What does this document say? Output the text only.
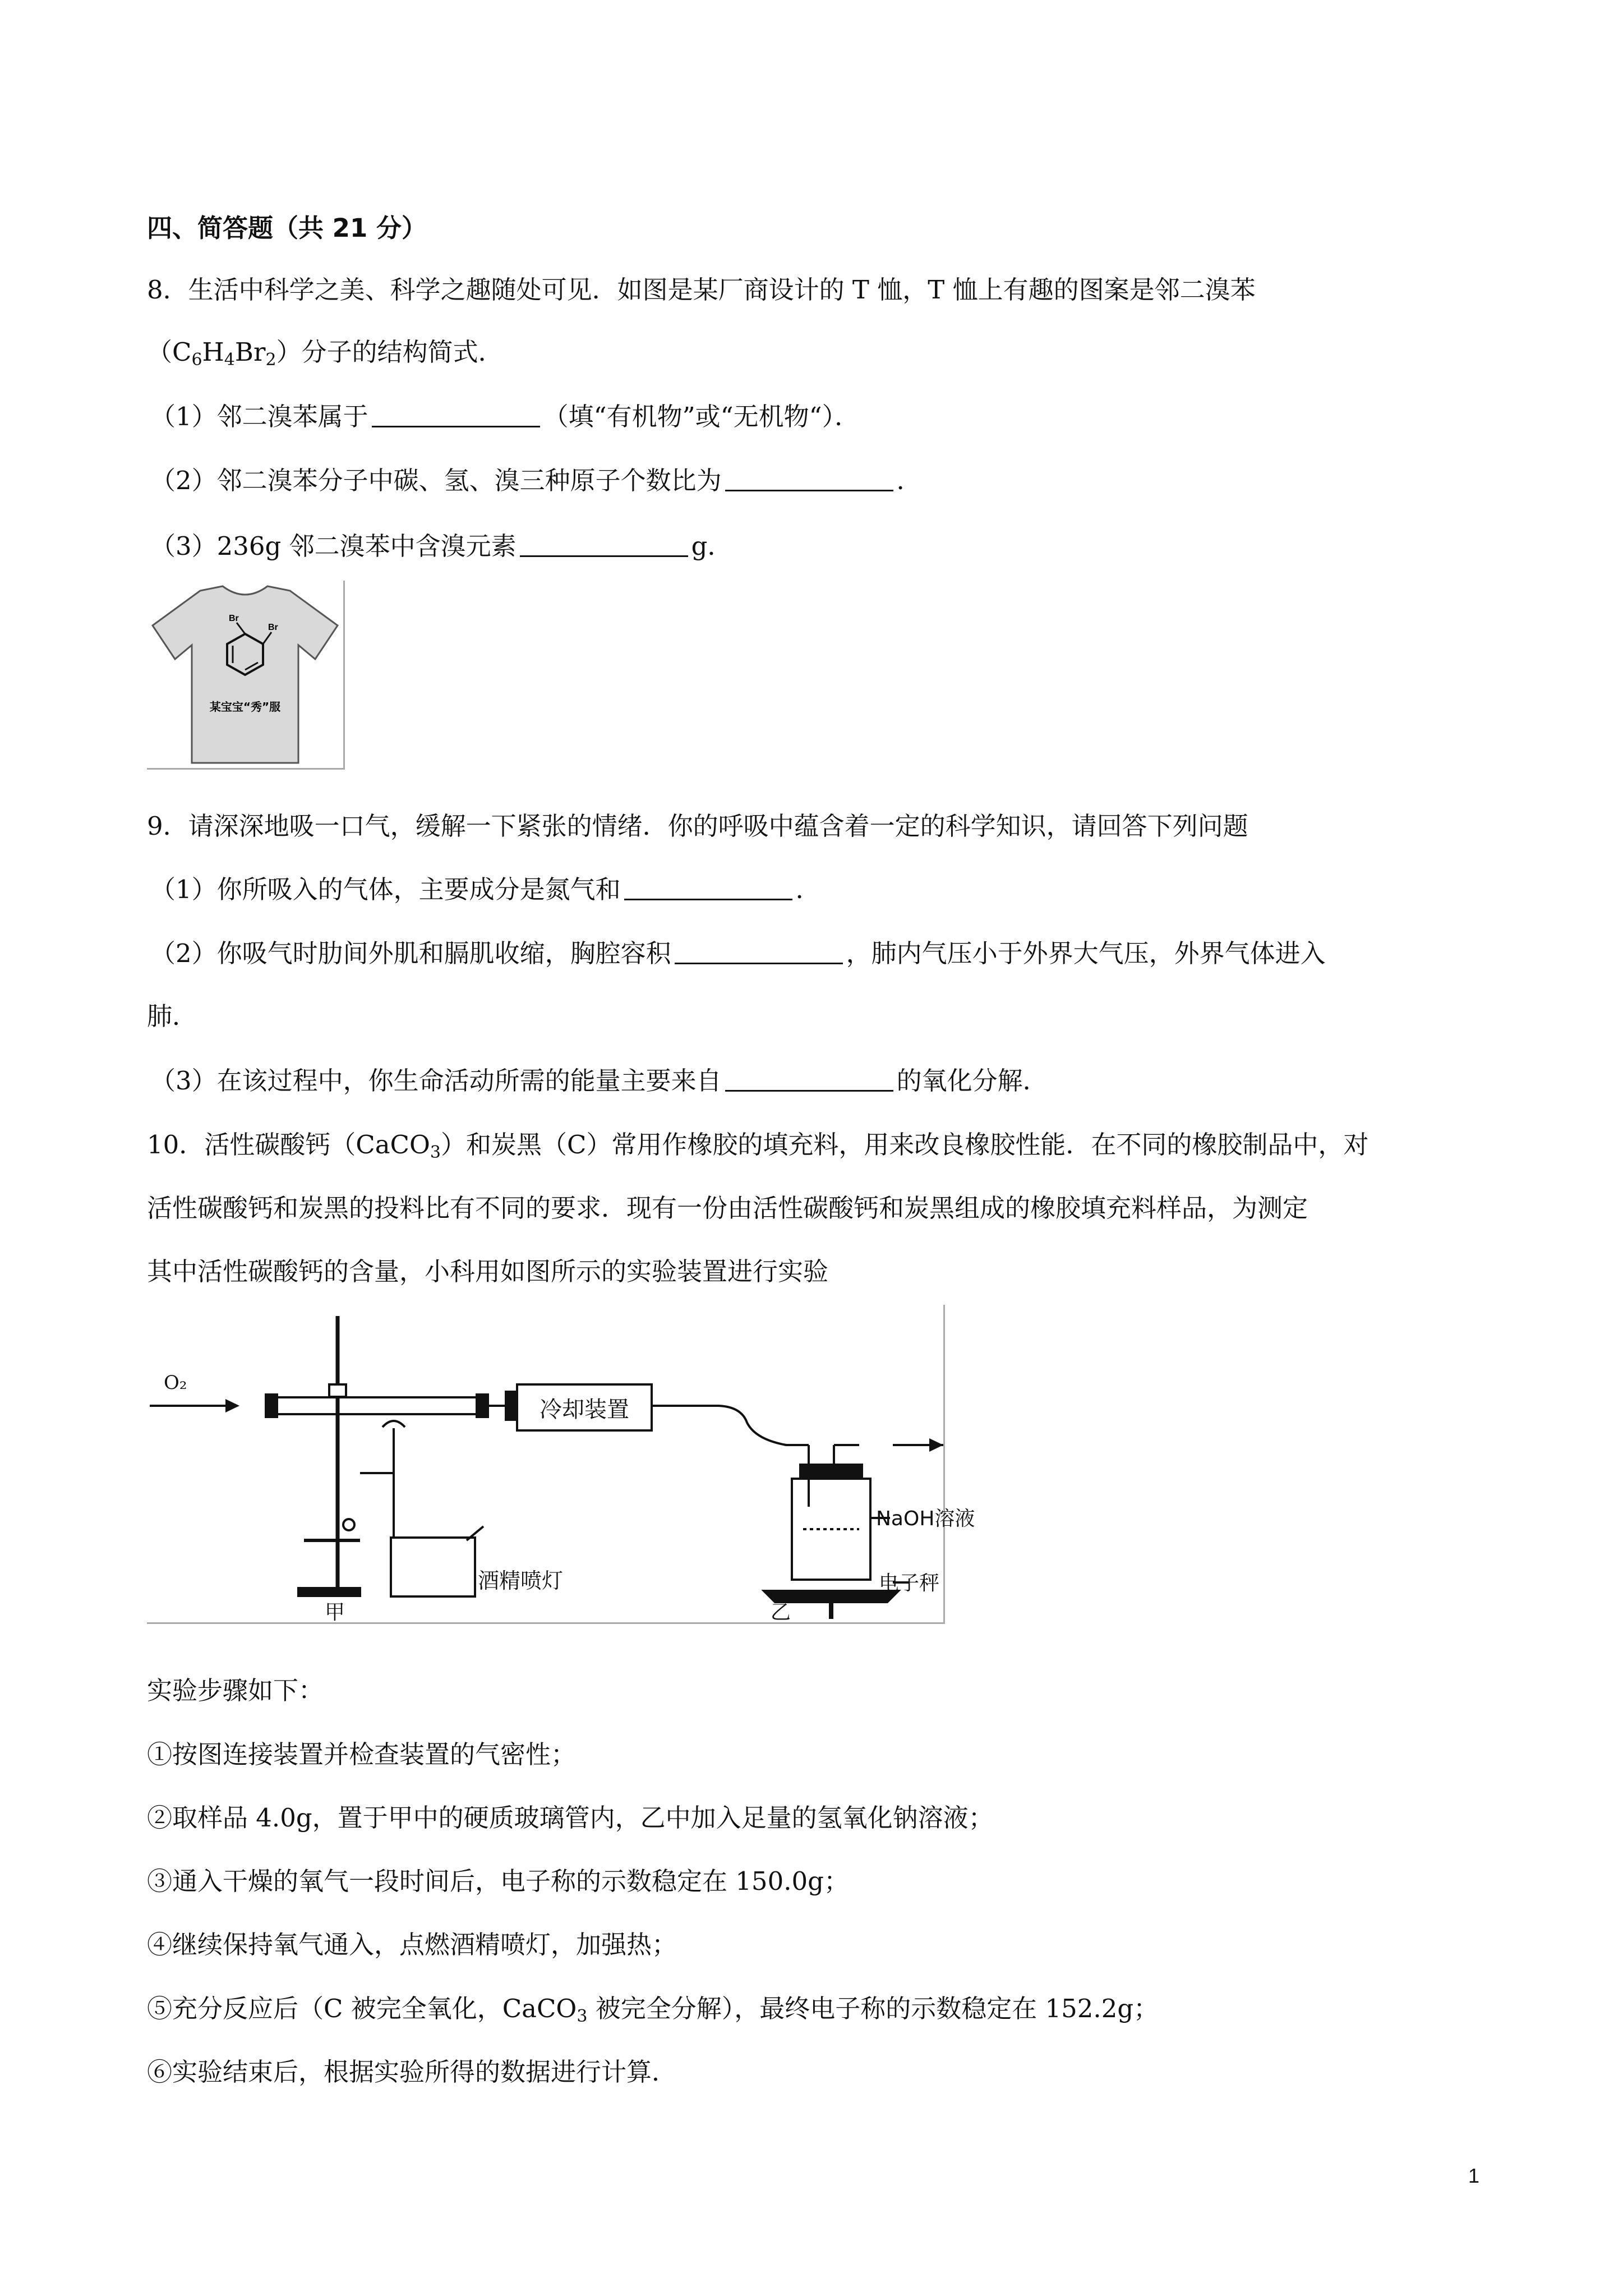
四、简答题（共 21 分）
8．生活中科学之美、科学之趣随处可见．如图是某厂商设计的 T 恤，T 恤上有趣的图案是邻二溴苯
$(C_6H_4Br_2)$分子的结构简式．
（1）邻二溴苯属于	（填“有机物”或“无机物“）．
（2）邻二溴苯分子中碳、氢、溴三种原子个数比为	．
（3）236g 邻二溴苯中含溴元素	g．
Br
Br
某宝宝“秀”服
9．请深深地吸一口气，缓解一下紧张的情绪．你的呼吸中蕴含着一定的科学知识，请回答下列问题
（1）你所吸入的气体，主要成分是氮气和	．
（2）你吸气时肋间外肌和膈肌收缩，胸腔容积	，肺内气压小于外界大气压，外界气体进入
肺．
（3）在该过程中，你生命活动所需的能量主要来自	的氧化分解．
10．活性碳酸钙（CaCO$_3$）和炭黑（C）常用作橡胶的填充料，用来改良橡胶性能．在不同的橡胶制品中，对
活性碳酸钙和炭黑的投料比有不同的要求．现有一份由活性碳酸钙和炭黑组成的橡胶填充料样品，为测定
其中活性碳酸钙的含量，小科用如图所示的实验装置进行实验
O₂
冷却装置
酒精喷灯
NaOH溶液
电子秤
甲	乙
实验步骤如下：
①按图连接装置并检查装置的气密性；
②取样品 4.0g，置于甲中的硬质玻璃管内，乙中加入足量的氢氧化钠溶液；
③通入干燥的氧气一段时间后，电子称的示数稳定在 150.0g；
④继续保持氧气通入，点燃酒精喷灯，加强热；
⑤充分反应后（C 被完全氧化，CaCO$_3$ 被完全分解），最终电子称的示数稳定在 152.2g；
⑥实验结束后，根据实验所得的数据进行计算．
1
